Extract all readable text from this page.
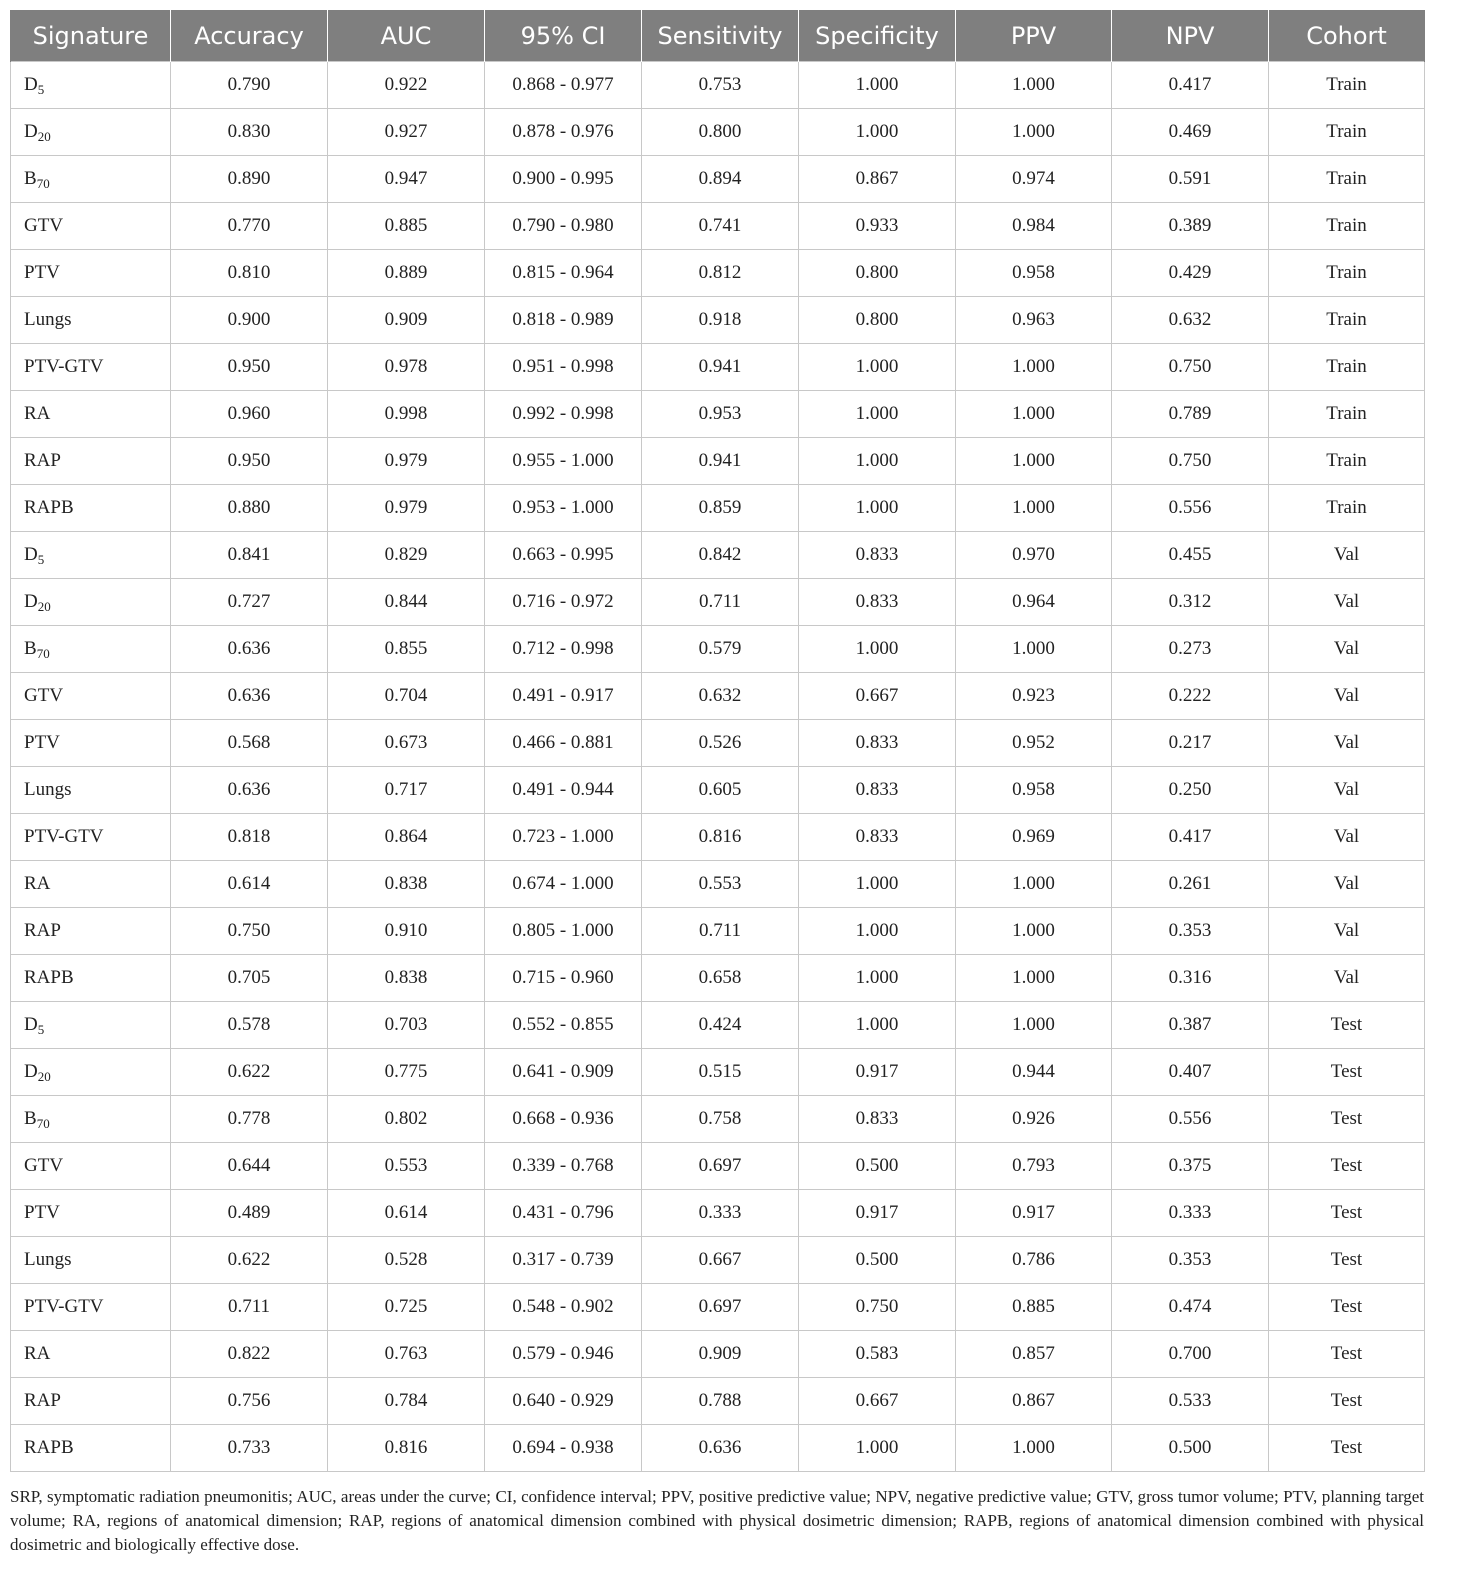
Signature	Accuracy	AUC	95% CI	Sensitivity	Specificity	PPV	NPV	Cohort
$D_5$	0.790	0.922	0.868 - 0.977	0.753	1.000	1.000	0.417	Train
$D_{20}$	0.830	0.927	0.878 - 0.976	0.800	1.000	1.000	0.469	Train
$B_{70}$	0.890	0.947	0.900 - 0.995	0.894	0.867	0.974	0.591	Train
GTV	0.770	0.885	0.790 - 0.980	0.741	0.933	0.984	0.389	Train
PTV	0.810	0.889	0.815 - 0.964	0.812	0.800	0.958	0.429	Train
Lungs	0.900	0.909	0.818 - 0.989	0.918	0.800	0.963	0.632	Train
PTV-GTV	0.950	0.978	0.951 - 0.998	0.941	1.000	1.000	0.750	Train
RA	0.960	0.998	0.992 - 0.998	0.953	1.000	1.000	0.789	Train
RAP	0.950	0.979	0.955 - 1.000	0.941	1.000	1.000	0.750	Train
RAPB	0.880	0.979	0.953 - 1.000	0.859	1.000	1.000	0.556	Train
$D_5$	0.841	0.829	0.663 - 0.995	0.842	0.833	0.970	0.455	Val
$D_{20}$	0.727	0.844	0.716 - 0.972	0.711	0.833	0.964	0.312	Val
$B_{70}$	0.636	0.855	0.712 - 0.998	0.579	1.000	1.000	0.273	Val
GTV	0.636	0.704	0.491 - 0.917	0.632	0.667	0.923	0.222	Val
PTV	0.568	0.673	0.466 - 0.881	0.526	0.833	0.952	0.217	Val
Lungs	0.636	0.717	0.491 - 0.944	0.605	0.833	0.958	0.250	Val
PTV-GTV	0.818	0.864	0.723 - 1.000	0.816	0.833	0.969	0.417	Val
RA	0.614	0.838	0.674 - 1.000	0.553	1.000	1.000	0.261	Val
RAP	0.750	0.910	0.805 - 1.000	0.711	1.000	1.000	0.353	Val
RAPB	0.705	0.838	0.715 - 0.960	0.658	1.000	1.000	0.316	Val
$D_5$	0.578	0.703	0.552 - 0.855	0.424	1.000	1.000	0.387	Test
$D_{20}$	0.622	0.775	0.641 - 0.909	0.515	0.917	0.944	0.407	Test
$B_{70}$	0.778	0.802	0.668 - 0.936	0.758	0.833	0.926	0.556	Test
GTV	0.644	0.553	0.339 - 0.768	0.697	0.500	0.793	0.375	Test
PTV	0.489	0.614	0.431 - 0.796	0.333	0.917	0.917	0.333	Test
Lungs	0.622	0.528	0.317 - 0.739	0.667	0.500	0.786	0.353	Test
PTV-GTV	0.711	0.725	0.548 - 0.902	0.697	0.750	0.885	0.474	Test
RA	0.822	0.763	0.579 - 0.946	0.909	0.583	0.857	0.700	Test
RAP	0.756	0.784	0.640 - 0.929	0.788	0.667	0.867	0.533	Test
RAPB	0.733	0.816	0.694 - 0.938	0.636	1.000	1.000	0.500	Test
SRP, symptomatic radiation pneumonitis; AUC, areas under the curve; CI, confidence interval; PPV, positive predictive value; NPV, negative predictive value; GTV, gross tumor volume; PTV, planning target volume; RA, regions of anatomical dimension; RAP, regions of anatomical dimension combined with physical dosimetric dimension; RAPB, regions of anatomical dimension combined with physical dosimetric and biologically effective dose.
